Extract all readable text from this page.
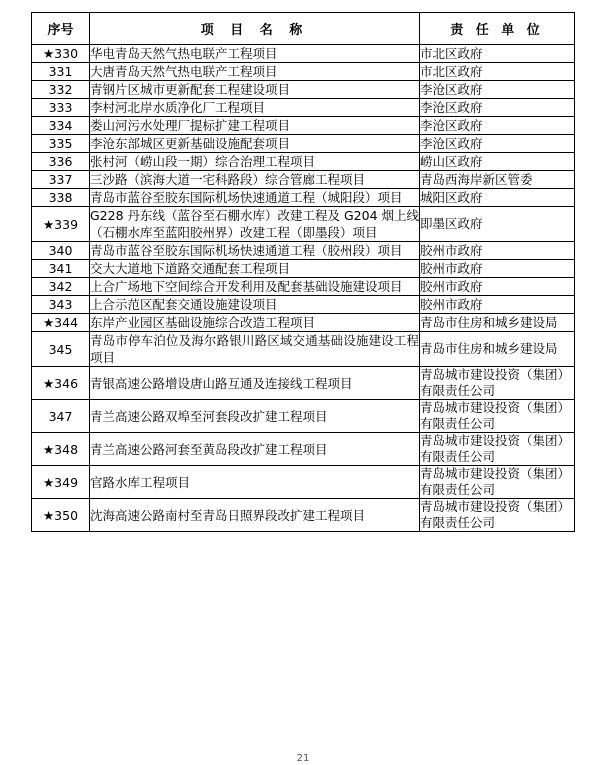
序号	项 目 名 称	责 任 单 位
★330	华电青岛天然气热电联产工程项目	市北区政府
331	大唐青岛天然气热电联产工程项目	市北区政府
332	青钢片区城市更新配套工程建设项目	李沧区政府
333	李村河北岸水质净化厂工程项目	李沧区政府
334	娄山河污水处理厂提标扩建工程项目	李沧区政府
335	李沧东部城区更新基础设施配套项目	李沧区政府
336	张村河（崂山段一期）综合治理工程项目	崂山区政府
337	三沙路（滨海大道一宅科路段）综合管廊工程项目	青岛西海岸新区管委
338	青岛市蓝谷至胶东国际机场快速通道工程（城阳段）项目	城阳区政府
★339	G228 丹东线（蓝谷至石棚水库）改建工程及 G204 烟上线（石棚水库至蓝阳胶州界）改建工程（即墨段）项目	即墨区政府
340	青岛市蓝谷至胶东国际机场快速通道工程（胶州段）项目	胶州市政府
341	交大大道地下道路交通配套工程项目	胶州市政府
342	上合广场地下空间综合开发利用及配套基础设施建设项目	胶州市政府
343	上合示范区配套交通设施建设项目	胶州市政府
★344	东岸产业园区基础设施综合改造工程项目	青岛市住房和城乡建设局
345	青岛市停车泊位及海尔路银川路区域交通基础设施建设工程项目	青岛市住房和城乡建设局
★346	青银高速公路增设唐山路互通及连接线工程项目	青岛城市建设投资（集团）有限责任公司
347	青兰高速公路双埠至河套段改扩建工程项目	青岛城市建设投资（集团）有限责任公司
★348	青兰高速公路河套至黄岛段改扩建工程项目	青岛城市建设投资（集团）有限责任公司
★349	官路水库工程项目	青岛城市建设投资（集团）有限责任公司
★350	沈海高速公路南村至青岛日照界段改扩建工程项目	青岛城市建设投资（集团）有限责任公司
21
